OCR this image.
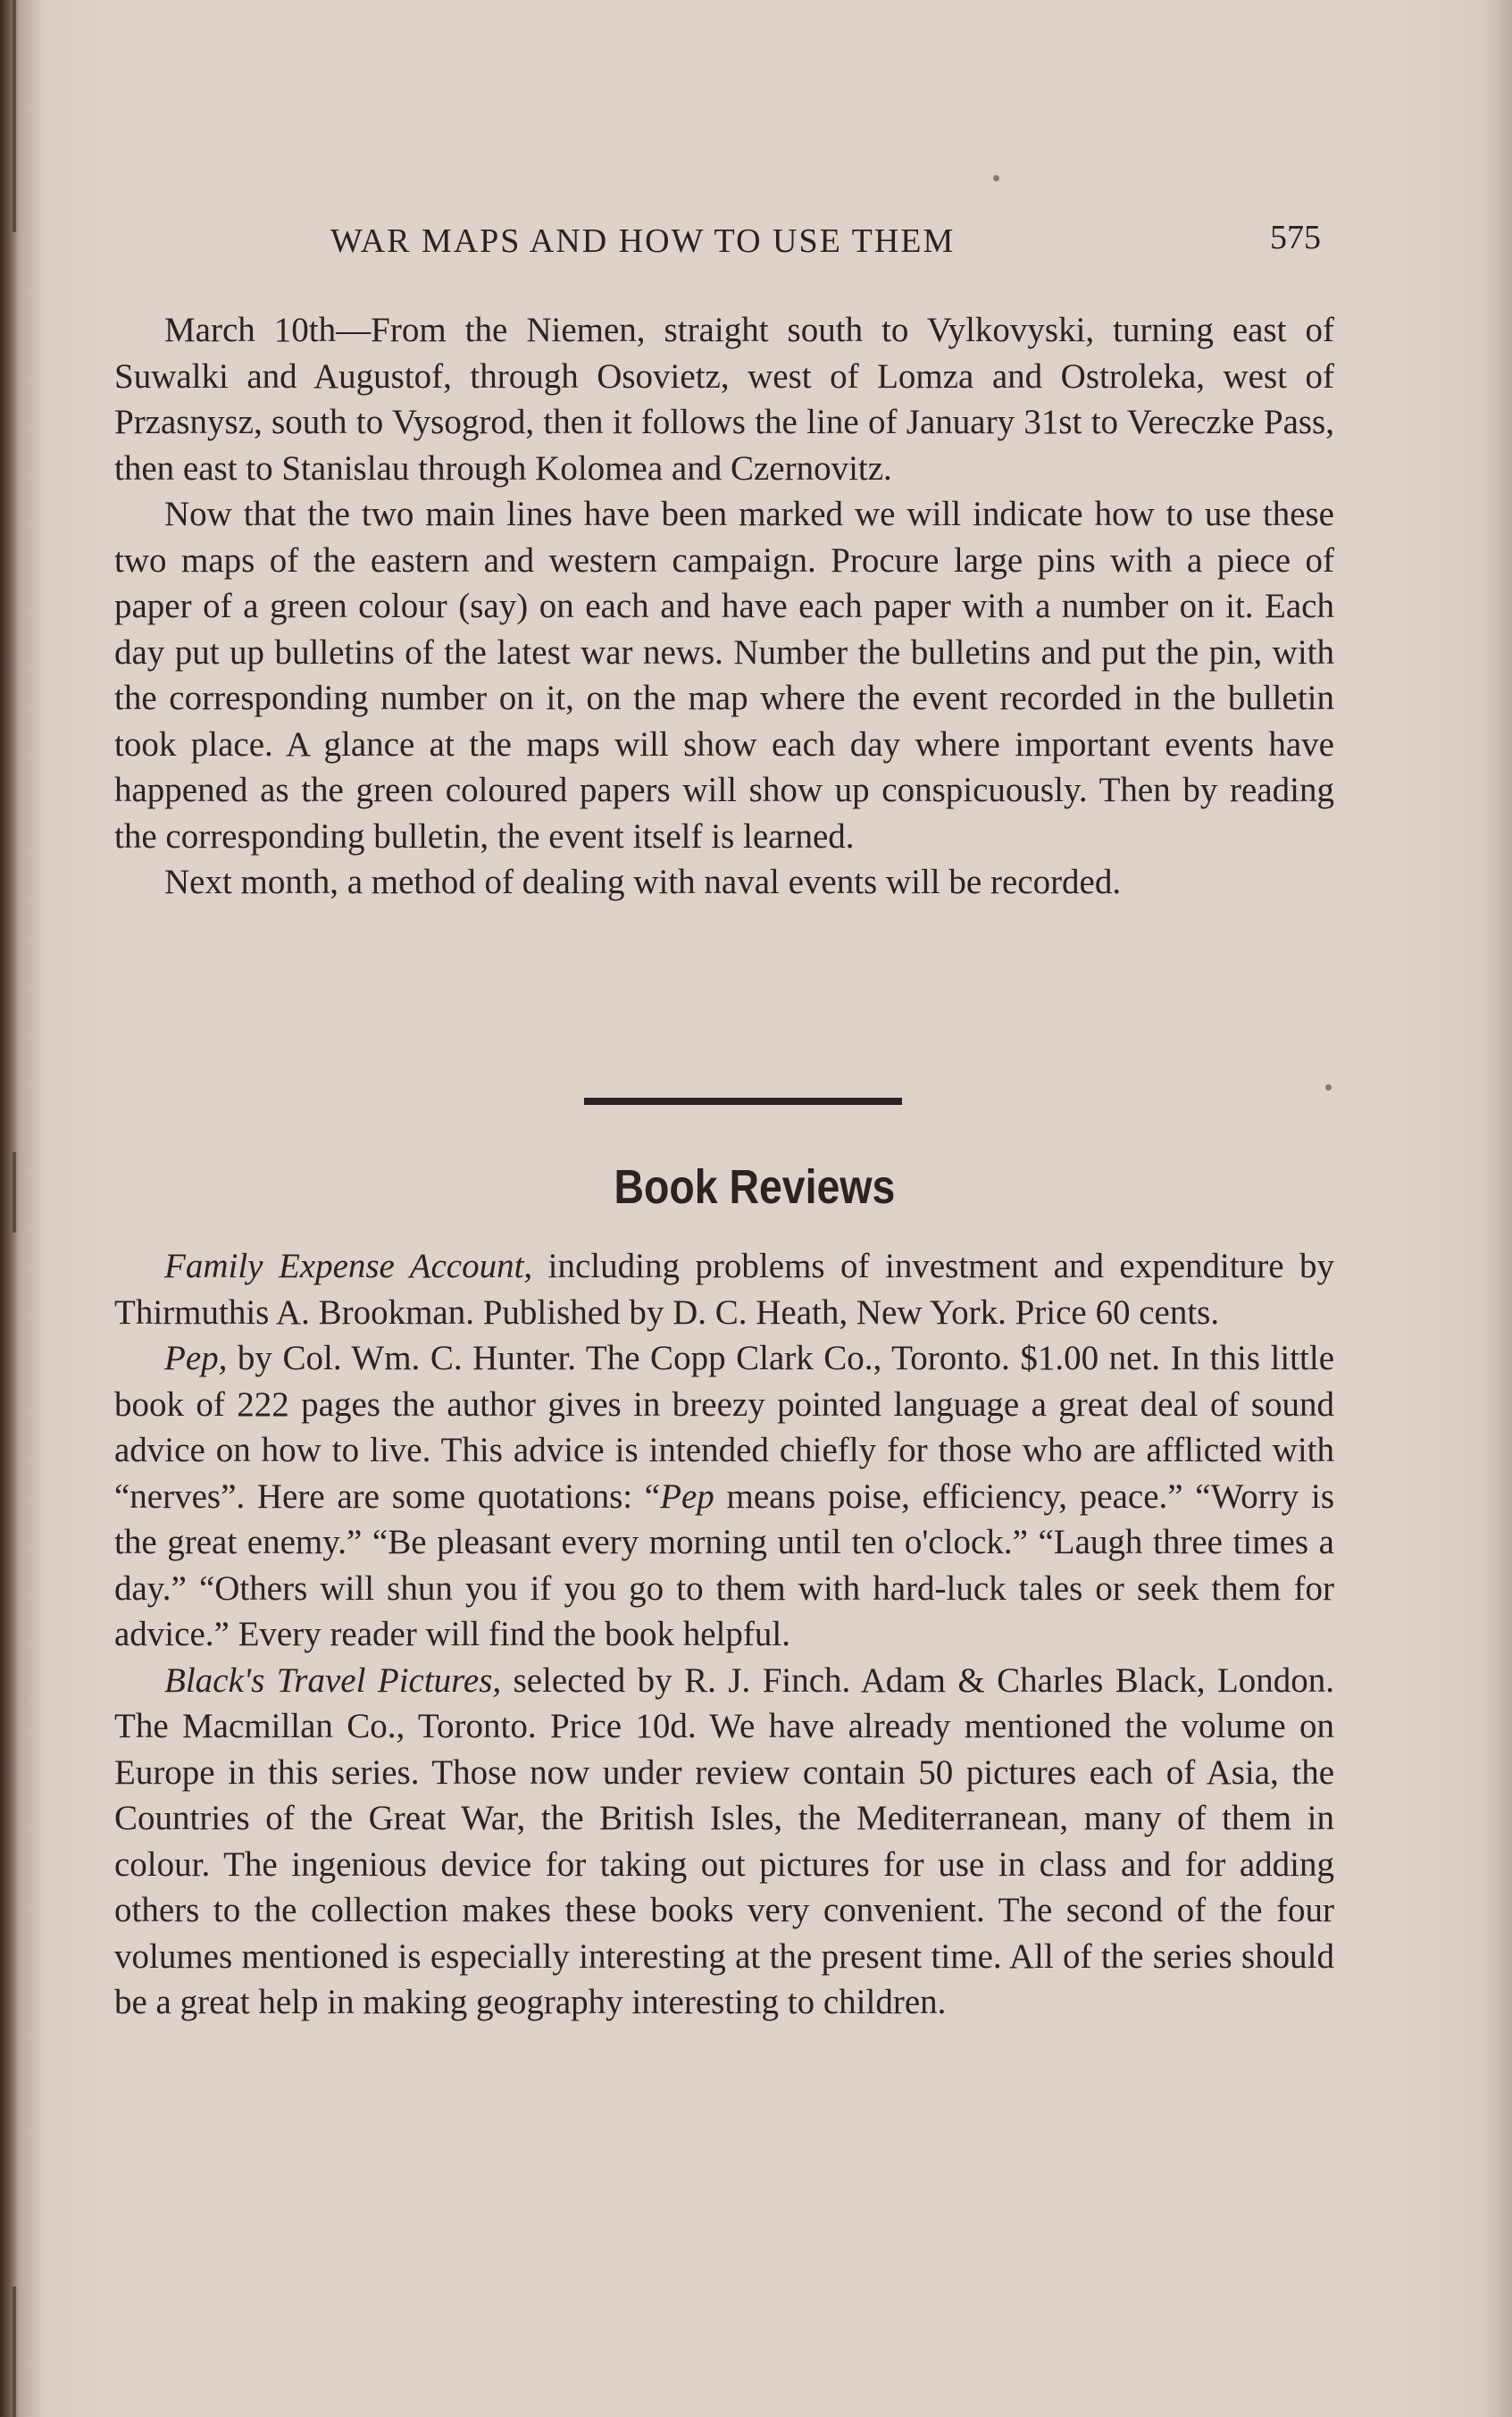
WAR MAPS AND HOW TO USE THEM	575

March 10th—From the Niemen, straight south to Vylkovyski, turning east of Suwalki and Augustof, through Osovietz, west of Lomza and Ostroleka, west of Przasnysz, south to Vysogrod, then it follows the line of January 31st to Vereczke Pass, then east to Stanislau through Kolomea and Czernovitz.

Now that the two main lines have been marked we will indicate how to use these two maps of the eastern and western campaign. Procure large pins with a piece of paper of a green colour (say) on each and have each paper with a number on it. Each day put up bulletins of the latest war news. Number the bulletins and put the pin, with the corresponding number on it, on the map where the event recorded in the bulletin took place. A glance at the maps will show each day where important events have happened as the green coloured papers will show up conspicuously. Then by reading the corresponding bulletin, the event itself is learned.

Next month, a method of dealing with naval events will be recorded.

Book Reviews

Family Expense Account, including problems of investment and expenditure by Thirmuthis A. Brookman. Published by D. C. Heath, New York. Price 60 cents.

Pep, by Col. Wm. C. Hunter. The Copp Clark Co., Toronto. $1.00 net. In this little book of 222 pages the author gives in breezy pointed language a great deal of sound advice on how to live. This advice is intended chiefly for those who are afflicted with “nerves”. Here are some quotations: “Pep means poise, efficiency, peace.” “Worry is the great enemy.” “Be pleasant every morning until ten o'clock.” “Laugh three times a day.” “Others will shun you if you go to them with hard-luck tales or seek them for advice.” Every reader will find the book helpful.

Black's Travel Pictures, selected by R. J. Finch. Adam & Charles Black, London. The Macmillan Co., Toronto. Price 10d. We have already mentioned the volume on Europe in this series. Those now under review contain 50 pictures each of Asia, the Countries of the Great War, the British Isles, the Mediterranean, many of them in colour. The ingenious device for taking out pictures for use in class and for adding others to the collection makes these books very convenient. The second of the four volumes mentioned is especially interesting at the present time. All of the series should be a great help in making geography interesting to children.
